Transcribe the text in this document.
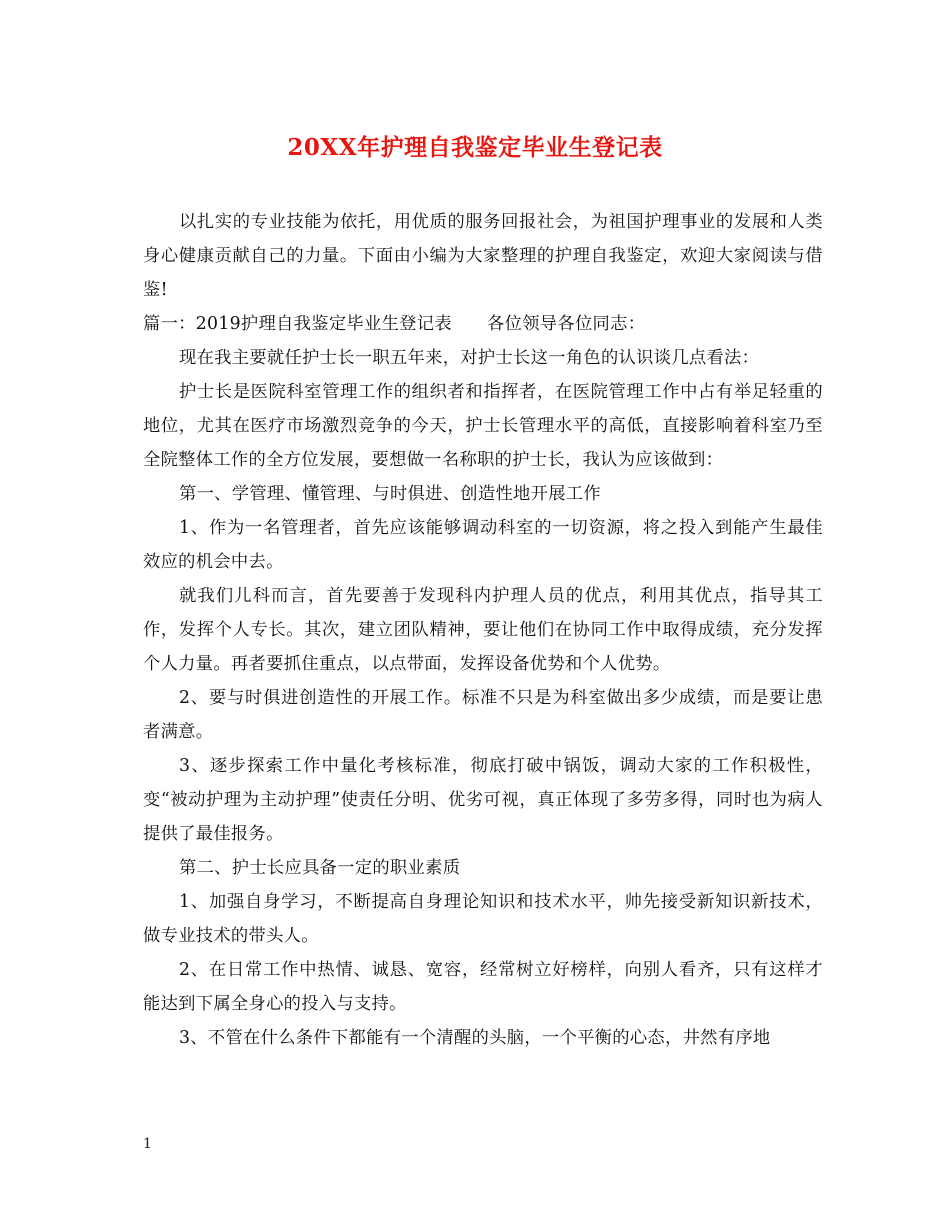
20XX年护理自我鉴定毕业生登记表

以扎实的专业技能为依托，用优质的服务回报社会，为祖国护理事业的发展和人类身心健康贡献自己的力量。下面由小编为大家整理的护理自我鉴定，欢迎大家阅读与借鉴!

篇一：2019护理自我鉴定毕业生登记表　　各位领导各位同志：

现在我主要就任护士长一职五年来，对护士长这一角色的认识谈几点看法：

护士长是医院科室管理工作的组织者和指挥者，在医院管理工作中占有举足轻重的地位，尤其在医疗市场激烈竞争的今天，护士长管理水平的高低，直接影响着科室乃至全院整体工作的全方位发展，要想做一名称职的护士长，我认为应该做到：

第一、学管理、懂管理、与时俱进、创造性地开展工作

1、作为一名管理者，首先应该能够调动科室的一切资源，将之投入到能产生最佳效应的机会中去。

就我们儿科而言，首先要善于发现科内护理人员的优点，利用其优点，指导其工作，发挥个人专长。其次，建立团队精神，要让他们在协同工作中取得成绩，充分发挥个人力量。再者要抓住重点，以点带面，发挥设备优势和个人优势。

2、要与时俱进创造性的开展工作。标准不只是为科室做出多少成绩，而是要让患者满意。

3、逐步探索工作中量化考核标准，彻底打破中锅饭，调动大家的工作积极性，变“被动护理为主动护理”使责任分明、优劣可视，真正体现了多劳多得，同时也为病人提供了最佳报务。

第二、护士长应具备一定的职业素质

1、加强自身学习，不断提高自身理论知识和技术水平，帅先接受新知识新技术，做专业技术的带头人。

2、在日常工作中热情、诚恳、宽容，经常树立好榜样，向别人看齐，只有这样才能达到下属全身心的投入与支持。

3、不管在什么条件下都能有一个清醒的头脑，一个平衡的心态，井然有序地

1
